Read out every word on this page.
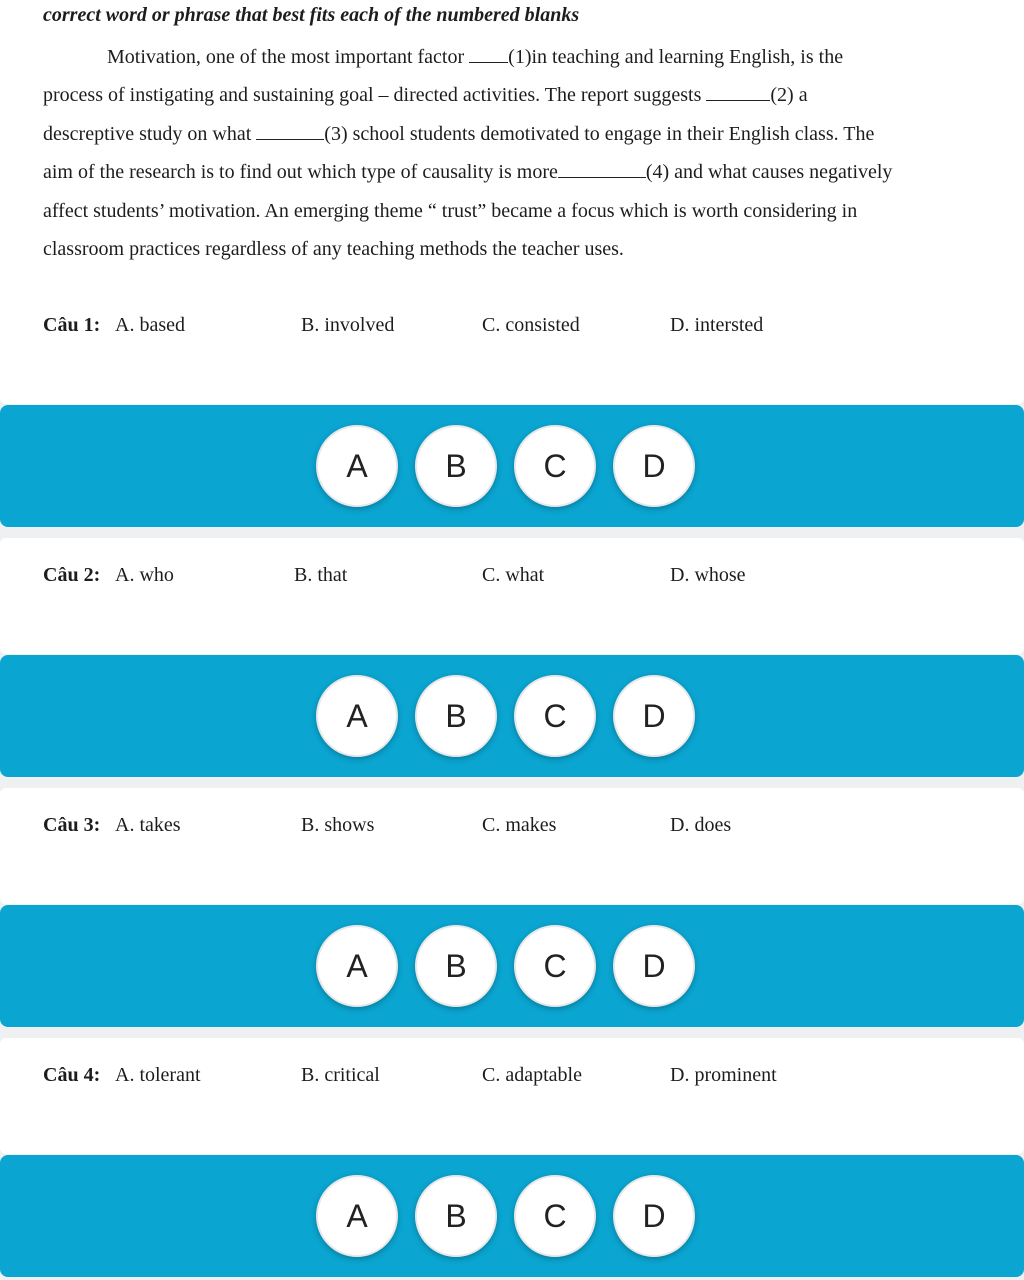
correct word or phrase that best fits each of the numbered blanks
Motivation, one of the most important factor (1)in teaching and learning English, is the
process of instigating and sustaining goal – directed activities. The report suggests	(2) a
descreptive study on what	(3) school students demotivated to engage in their English class. The
aim of the research is to find out which type of causality is more	(4) and what causes negatively
affect students’ motivation. An emerging theme “ trust” became a focus which is worth considering in
classroom practices regardless of any teaching methods the teacher uses.
Câu 1: A. based	B. involved	C. consisted	D. intersted
A	B	C	D
Câu 2: A. who	B. that	C. what	D. whose
A	B	C	D
Câu 3: A. takes	B. shows	C. makes	D. does
A	B	C	D
Câu 4: A. tolerant	B. critical	C. adaptable	D. prominent
A	B	C	D
